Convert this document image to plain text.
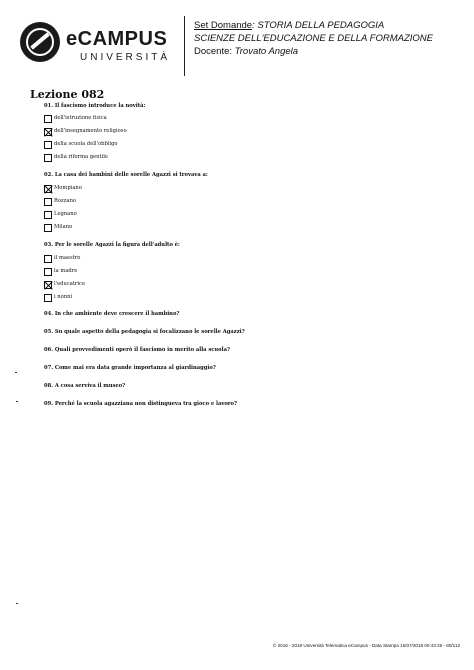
eCAMPUS
UNIVERSITÀ
Set Domande: STORIA DELLA PEDAGOGIA
SCIENZE DELL'EDUCAZIONE E DELLA FORMAZIONE
Docente: Trovato Angela
Lezione 082
01. Il fascismo introduce la novità:
dell'istruzione fisica
dell'insegnamento religioso
della scuola dell'obbligo
della riforma gentile
02. La casa dei bambini delle sorelle Agazzi si trovava a:
Mompiano
Rozzano
Legnano
Milano
03. Per le sorelle Agazzi la figura dell'adulto è:
il maestro
la madre
l'educatrice
i nonni
04. In che ambiente deve crescere il bambino?
05. Su quale aspetto della pedagogia si focalizzano le sorelle Agazzi?
06. Quali provvedimenti operò il fascismo in merito alla scuola?
07. Come mai era data grande importanza al giardinaggio?
08. A cosa serviva il museo?
09. Perché la scuola agazziana non distingueva tra gioco e lavoro?
© 2016 - 2018 Università Telematica eCampus - Data Stampa 15/07/2018 00:43:26 - 80/112
